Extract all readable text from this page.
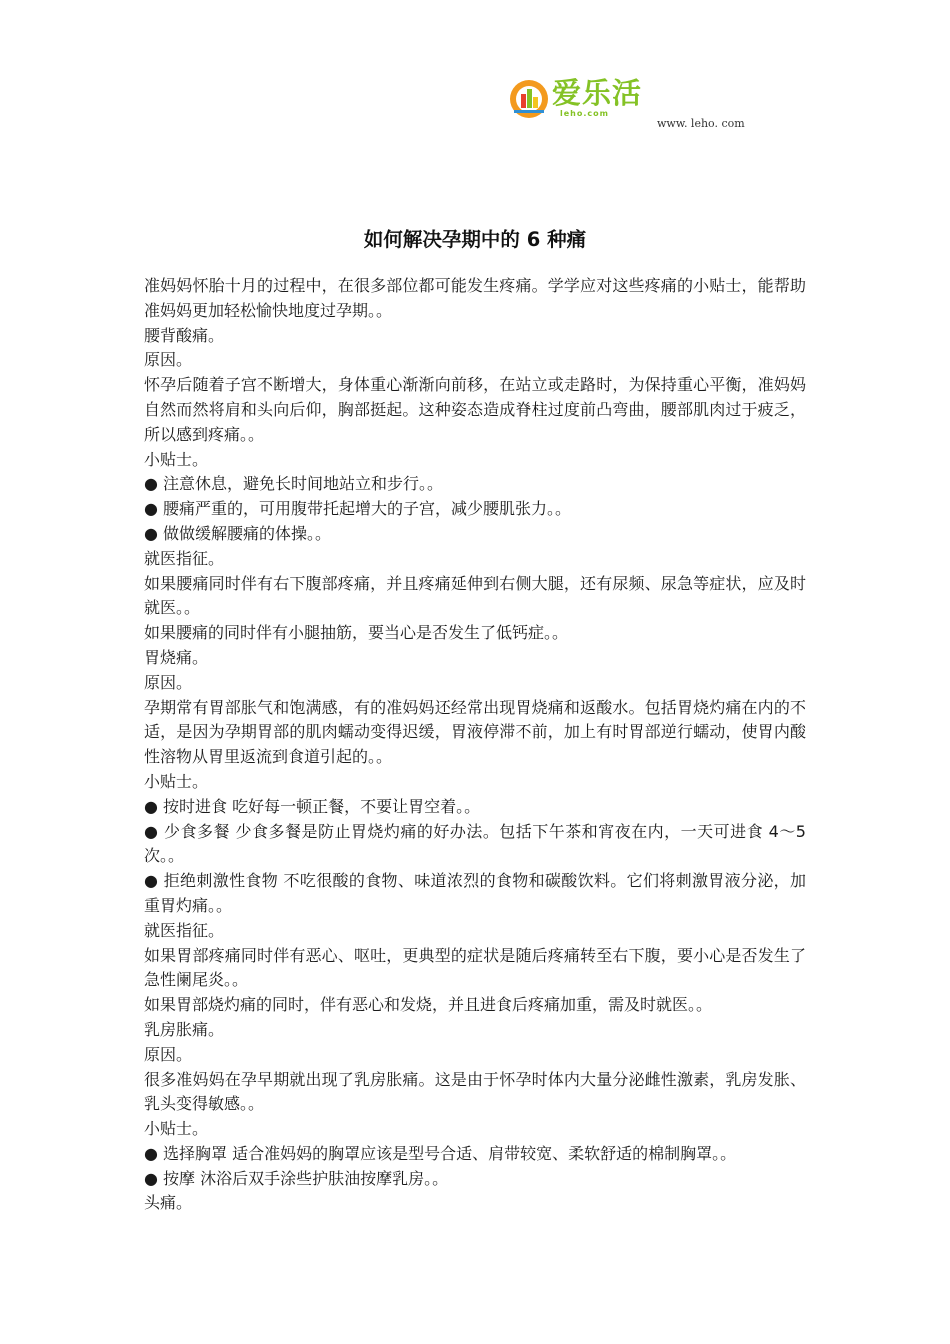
爱乐活
leho.com
www. leho. com
如何解决孕期中的 6 种痛

准妈妈怀胎十月的过程中，在很多部位都可能发生疼痛。学学应对这些疼痛的小贴士，能帮助准妈妈更加轻松愉快地度过孕期。。

腰背酸痛。

原因。

怀孕后随着子宫不断增大，身体重心渐渐向前移，在站立或走路时，为保持重心平衡，准妈妈自然而然将肩和头向后仰，胸部挺起。这种姿态造成脊柱过度前凸弯曲，腰部肌肉过于疲乏，所以感到疼痛。。

小贴士。

● 注意休息，避免长时间地站立和步行。。

● 腰痛严重的，可用腹带托起增大的子宫，减少腰肌张力。。

● 做做缓解腰痛的体操。。

就医指征。

如果腰痛同时伴有右下腹部疼痛，并且疼痛延伸到右侧大腿，还有尿频、尿急等症状，应及时就医。。

如果腰痛的同时伴有小腿抽筋，要当心是否发生了低钙症。。

胃烧痛。

原因。

孕期常有胃部胀气和饱满感，有的准妈妈还经常出现胃烧痛和返酸水。包括胃烧灼痛在内的不适，是因为孕期胃部的肌肉蠕动变得迟缓，胃液停滞不前，加上有时胃部逆行蠕动，使胃内酸性溶物从胃里返流到食道引起的。。

小贴士。

● 按时进食 吃好每一顿正餐，不要让胃空着。。

● 少食多餐 少食多餐是防止胃烧灼痛的好办法。包括下午茶和宵夜在内，一天可进食 4～5 次。。

● 拒绝刺激性食物 不吃很酸的食物、味道浓烈的食物和碳酸饮料。它们将刺激胃液分泌，加重胃灼痛。。

就医指征。

如果胃部疼痛同时伴有恶心、呕吐，更典型的症状是随后疼痛转至右下腹，要小心是否发生了急性阑尾炎。。

如果胃部烧灼痛的同时，伴有恶心和发烧，并且进食后疼痛加重，需及时就医。。

乳房胀痛。

原因。

很多准妈妈在孕早期就出现了乳房胀痛。这是由于怀孕时体内大量分泌雌性激素，乳房发胀、乳头变得敏感。。

小贴士。

● 选择胸罩 适合准妈妈的胸罩应该是型号合适、肩带较宽、柔软舒适的棉制胸罩。。

● 按摩 沐浴后双手涂些护肤油按摩乳房。。

头痛。
